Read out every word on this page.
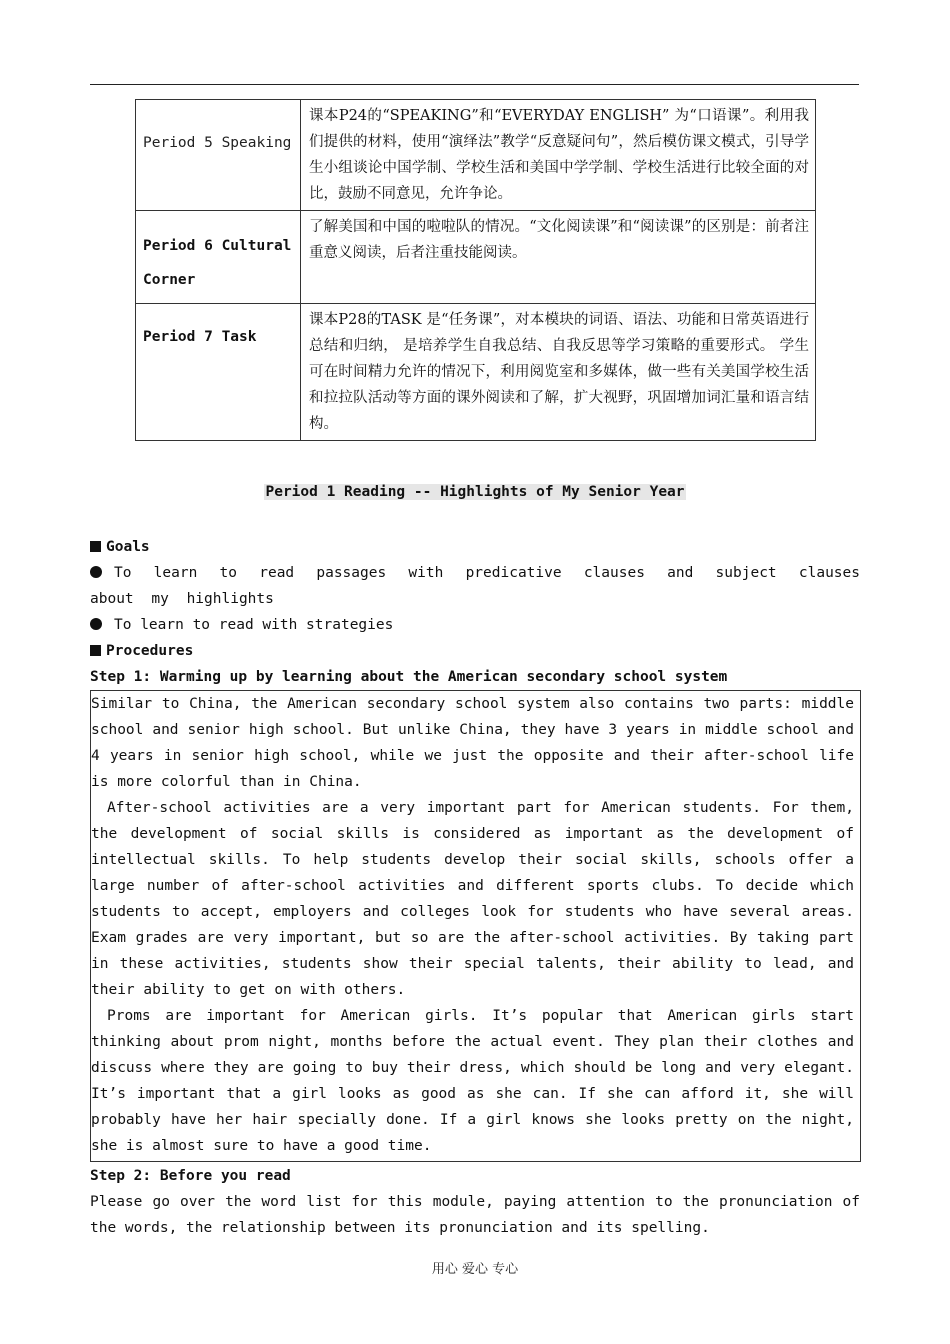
Period 5 Speaking	课本P24的“SPEAKING”和“EVERYDAY ENGLISH” 为“口语课”。利用我们提供的材料，使用“演绎法”教学“反意疑问句”，然后模仿课文模式，引导学生小组谈论中国学制、学校生活和美国中学学制、学校生活进行比较全面的对比，鼓励不同意见，允许争论。
Period 6 Cultural Corner	了解美国和中国的啦啦队的情况。“文化阅读课”和“阅读课”的区别是：前者注重意义阅读，后者注重技能阅读。
Period 7 Task	课本P28的TASK 是“任务课”，对本模块的词语、语法、功能和日常英语进行总结和归纳， 是培养学生自我总结、自我反思等学习策略的重要形式。 学生可在时间精力允许的情况下，利用阅览室和多媒体，做一些有关美国学校生活和拉拉队活动等方面的课外阅读和了解，扩大视野，巩固增加词汇量和语言结构。
Period 1 Reading -- Highlights of My Senior Year
Goals
To learn to read passages with predicative clauses and subject clauses about my highlights
To learn to read with strategies
Procedures
Step 1: Warming up by learning about the American secondary school system

Similar to China, the American secondary school system also contains two parts: middle school and senior high school. But unlike China, they have 3 years in middle school and 4 years in senior high school, while we just the opposite and their after-school life is more colorful than in China.

After-school activities are a very important part for American students. For them, the development of social skills is considered as important as the development of intellectual skills. To help students develop their social skills, schools offer a large number of after-school activities and different sports clubs. To decide which students to accept, employers and colleges look for students who have several areas. Exam grades are very important, but so are the after-school activities. By taking part in these activities, students show their special talents, their ability to lead, and their ability to get on with others.

Proms are important for American girls. It’s popular that American girls start thinking about prom night, months before the actual event. They plan their clothes and discuss where they are going to buy their dress, which should be long and very elegant. It’s important that a girl looks as good as she can. If she can afford it, she will probably have her hair specially done. If a girl knows she looks pretty on the night, she is almost sure to have a good time.

Step 2: Before you read
Please go over the word list for this module, paying attention to the pronunciation of the words, the relationship between its pronunciation and its spelling.
用心 爱心 专心
